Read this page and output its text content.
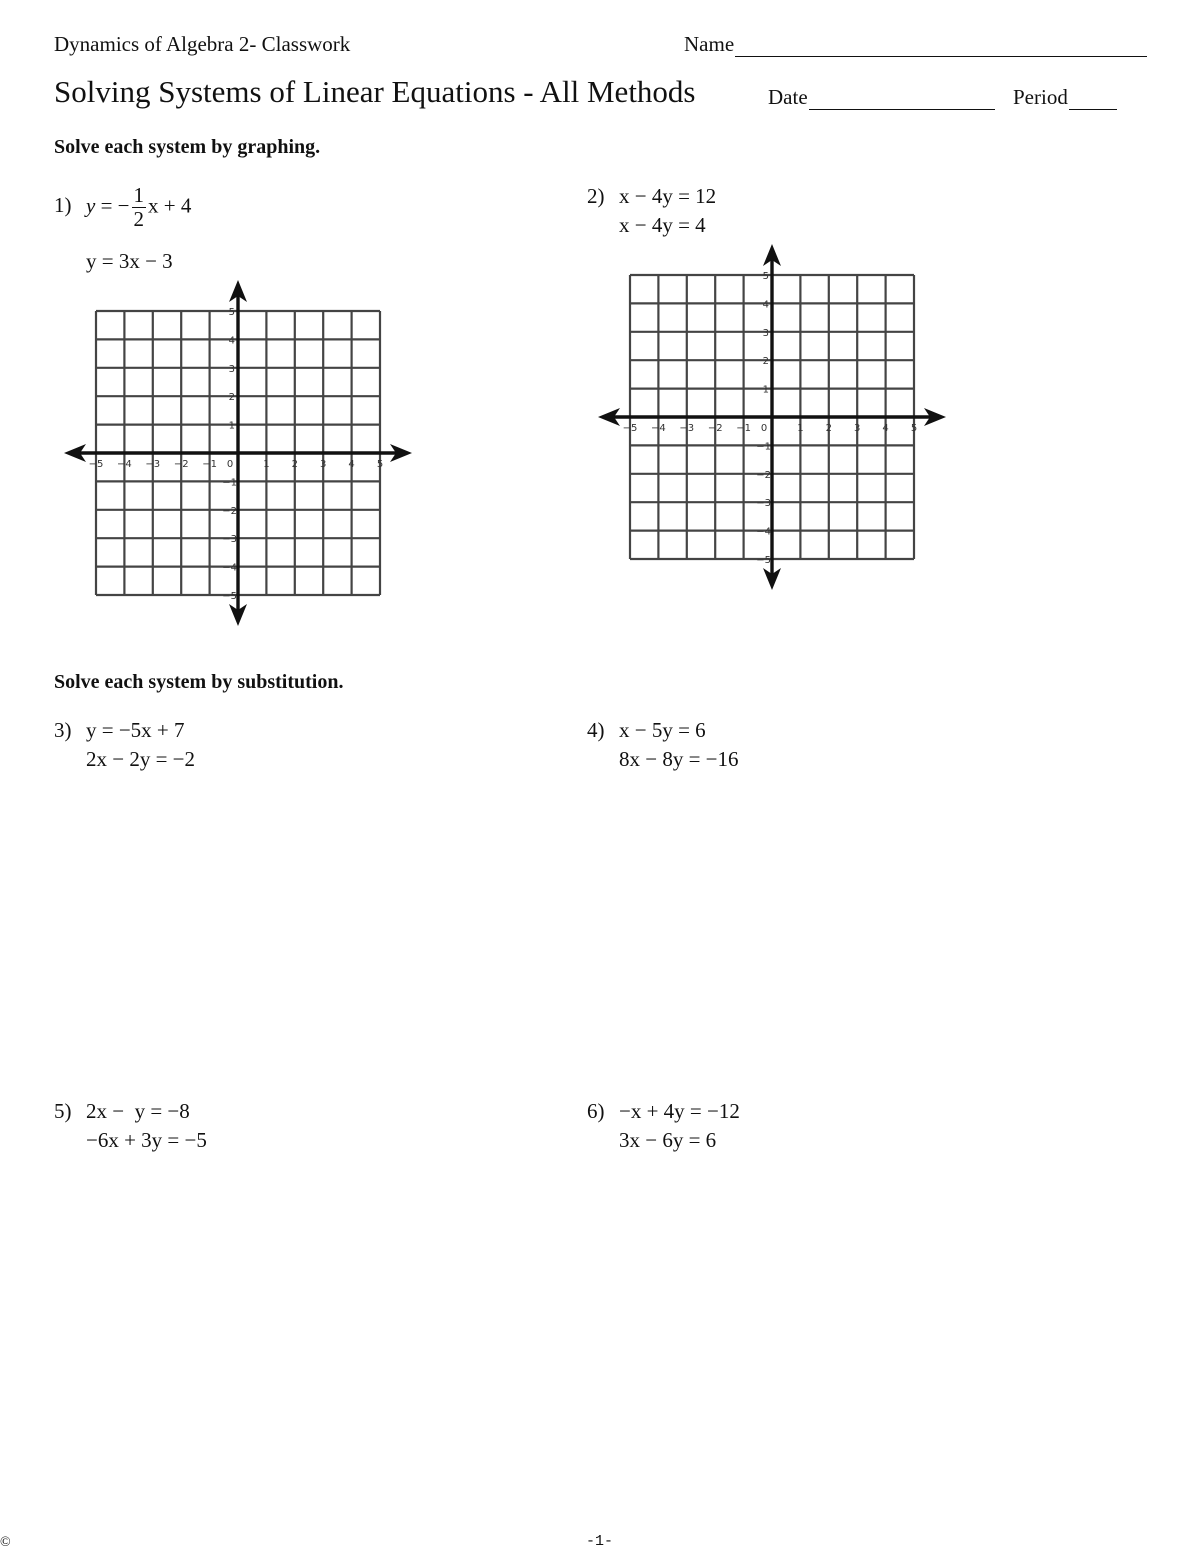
Dynamics of Algebra 2- Classwork	Name
Solving Systems of Linear Equations - All Methods	Date	Period
Solve each system by graphing.
1) y = − $\frac{1}{2}$ x + 4
y = 3x − 3
−5 −4 −3 −2 −1 0	1 2 3 4 5
1
2
3
4
5
−1
−2
−3
−4
−5
2) x − 4y = 12
x − 4y = 4
−5 −4 −3 −2 −1 0	1 2 3 4 5
1
2
3
4
5
−1
−2
−3
−4
−5
Solve each system by substitution.
3) y = −5x + 7
2x − 2y = −2
4) x − 5y = 6
8x − 8y = −16
5) 2x −  y = −8
−6x + 3y = −5
6) −x + 4y = −12
3x − 6y = 6
©	-1-
